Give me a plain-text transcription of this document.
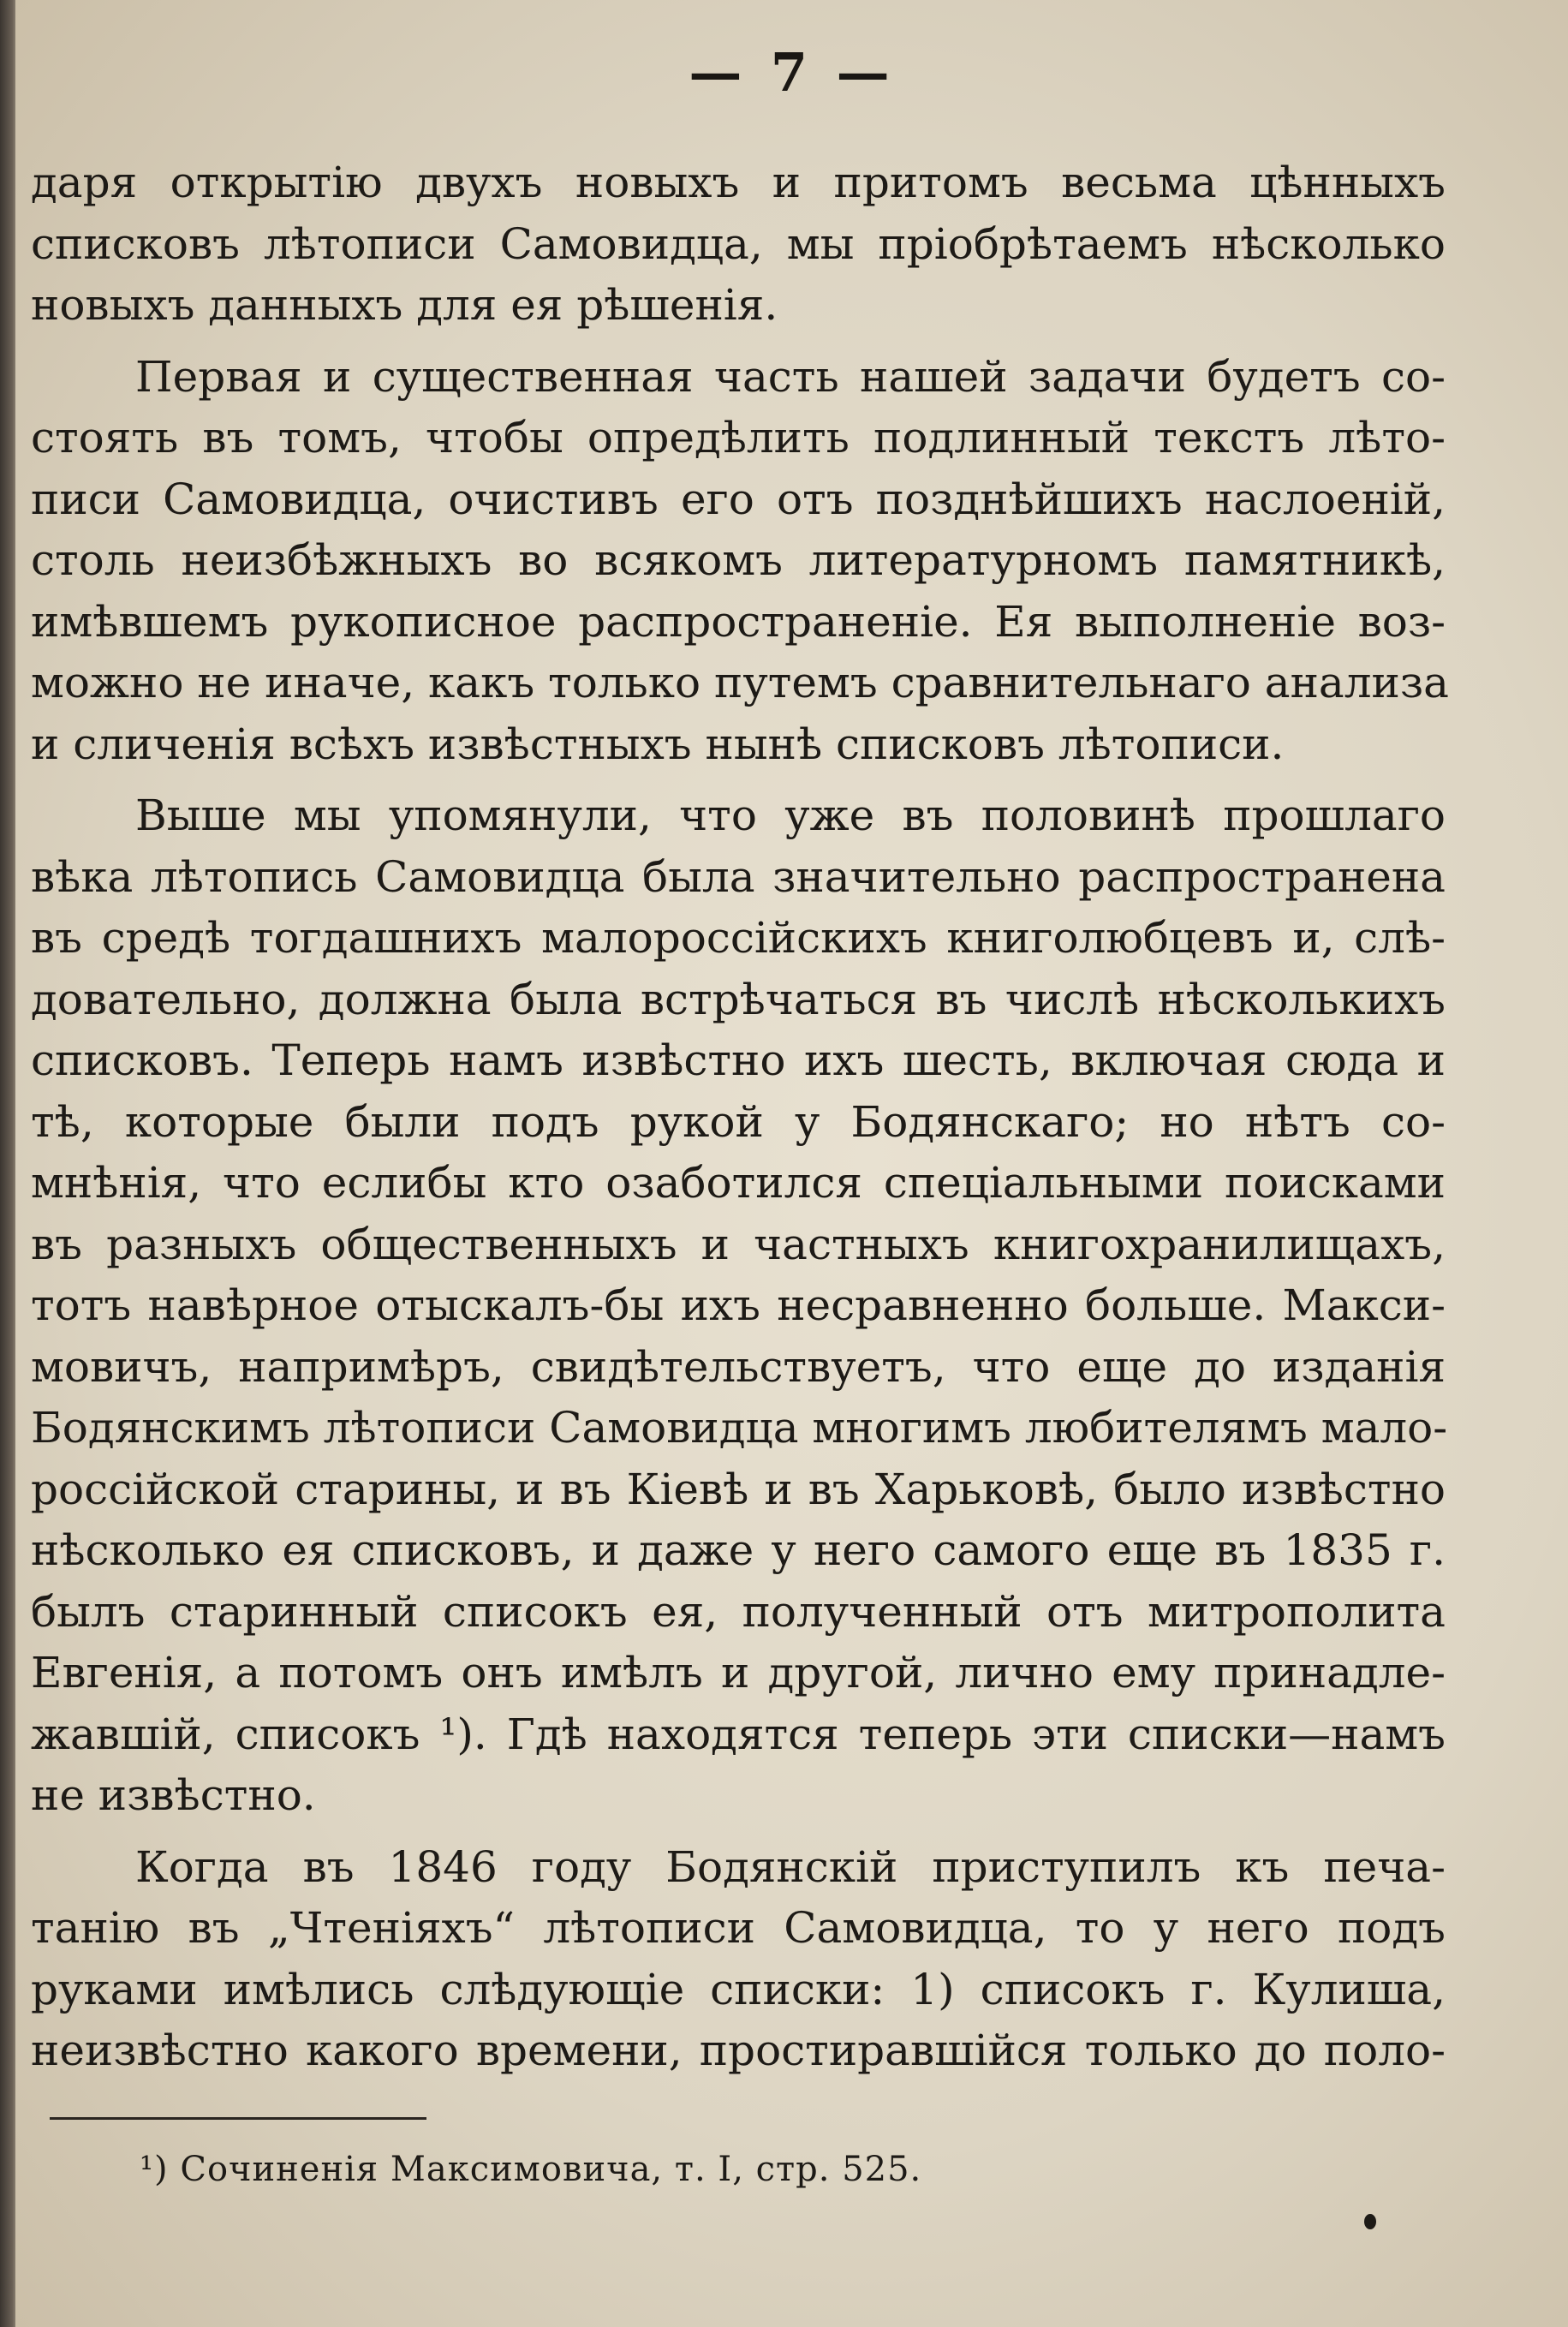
— 7 —
даря открытію двухъ новыхъ и притомъ весьма цѣнныхъ
списковъ лѣтописи Самовидца, мы пріобрѣтаемъ нѣсколько
новыхъ данныхъ для ея рѣшенія.
Первая и существенная часть нашей задачи будетъ со-
стоять въ томъ, чтобы опредѣлить подлинный текстъ лѣто-
писи Самовидца, очистивъ его отъ позднѣйшихъ наслоеній,
столь неизбѣжныхъ во всякомъ литературномъ памятникѣ,
имѣвшемъ рукописное распространеніе. Ея выполненіе воз-
можно не иначе, какъ только путемъ сравнительнаго анализа
и сличенія всѣхъ извѣстныхъ нынѣ списковъ лѣтописи.
Выше мы упомянули, что уже въ половинѣ прошлаго
вѣка лѣтопись Самовидца была значительно распространена
въ средѣ тогдашнихъ малороссійскихъ книголюбцевъ и, слѣ-
довательно, должна была встрѣчаться въ числѣ нѣсколькихъ
списковъ. Теперь намъ извѣстно ихъ шесть, включая сюда и
тѣ, которые были подъ рукой у Бодянскаго; но нѣтъ со-
мнѣнія, что еслибы кто озаботился спеціальными поисками
въ разныхъ общественныхъ и частныхъ книгохранилищахъ,
тотъ навѣрное отыскалъ-бы ихъ несравненно больше. Макси-
мовичъ, напримѣръ, свидѣтельствуетъ, что еще до изданія
Бодянскимъ лѣтописи Самовидца многимъ любителямъ мало-
россійской старины, и въ Кіевѣ и въ Харьковѣ, было извѣстно
нѣсколько ея списковъ, и даже у него самого еще въ 1835 г.
былъ старинный списокъ ея, полученный отъ митрополита
Евгенія, а потомъ онъ имѣлъ и другой, лично ему принадле-
жавшій, списокъ ¹). Гдѣ находятся теперь эти списки—намъ
не извѣстно.
Когда въ 1846 году Бодянскій приступилъ къ печа-
танію въ „Чтеніяхъ“ лѣтописи Самовидца, то у него подъ
руками имѣлись слѣдующіе списки: 1) списокъ г. Кулиша,
неизвѣстно какого времени, простиравшійся только до поло-
¹) Сочиненія Максимовича, т. I, стр. 525.
